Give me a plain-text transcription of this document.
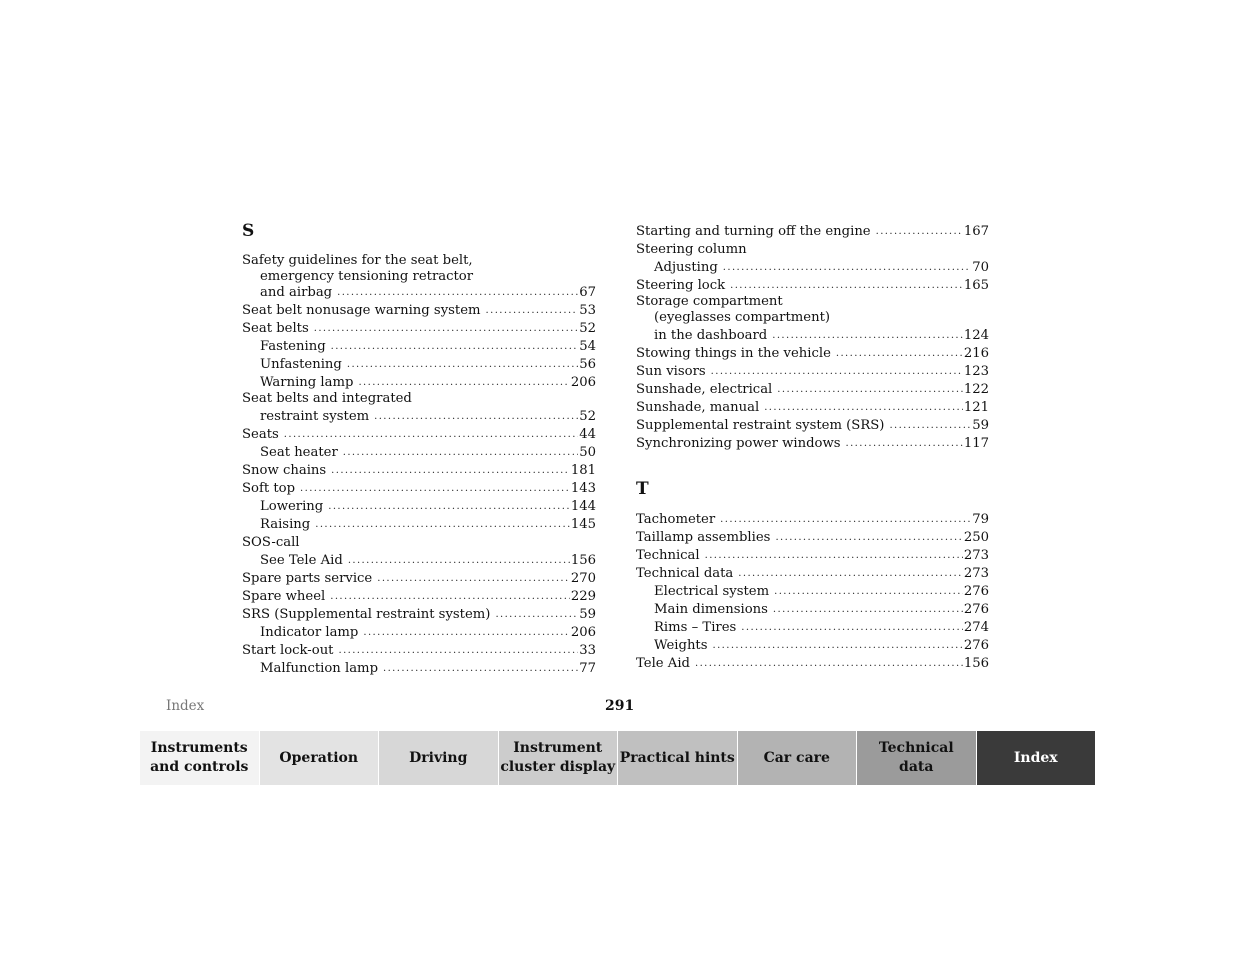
S
Safety guidelines for the seat belt,
emergency tensioning retractor
and airbag .....	67
Seat belt nonusage warning system .....	53
Seat belts .....	52
Fastening .....	54
Unfastening .....	56
Warning lamp .....	206
Seat belts and integrated
restraint system .....	52
Seats .....	44
Seat heater .....	50
Snow chains .....	181
Soft top .....	143
Lowering .....	144
Raising .....	145
SOS-call
See Tele Aid .....	156
Spare parts service .....	270
Spare wheel .....	229
SRS (Supplemental restraint system) .....	59
Indicator lamp .....	206
Start lock-out .....	33
Malfunction lamp .....	77
Starting and turning off the engine .....	167
Steering column
Adjusting .....	70
Steering lock .....	165
Storage compartment
(eyeglasses compartment)
in the dashboard .....	124
Stowing things in the vehicle .....	216
Sun visors .....	123
Sunshade, electrical .....	122
Sunshade, manual .....	121
Supplemental restraint system (SRS) .....	59
Synchronizing power windows .....	117
T
Tachometer .....	79
Taillamp assemblies .....	250
Technical .....	273
Technical data .....	273
Electrical system .....	276
Main dimensions .....	276
Rims – Tires .....	274
Weights .....	276
Tele Aid .....	156
Index	291
Instruments
and controls
Operation	Driving
Instrument
cluster display
Practical hints Car care
Technical
data
Index
